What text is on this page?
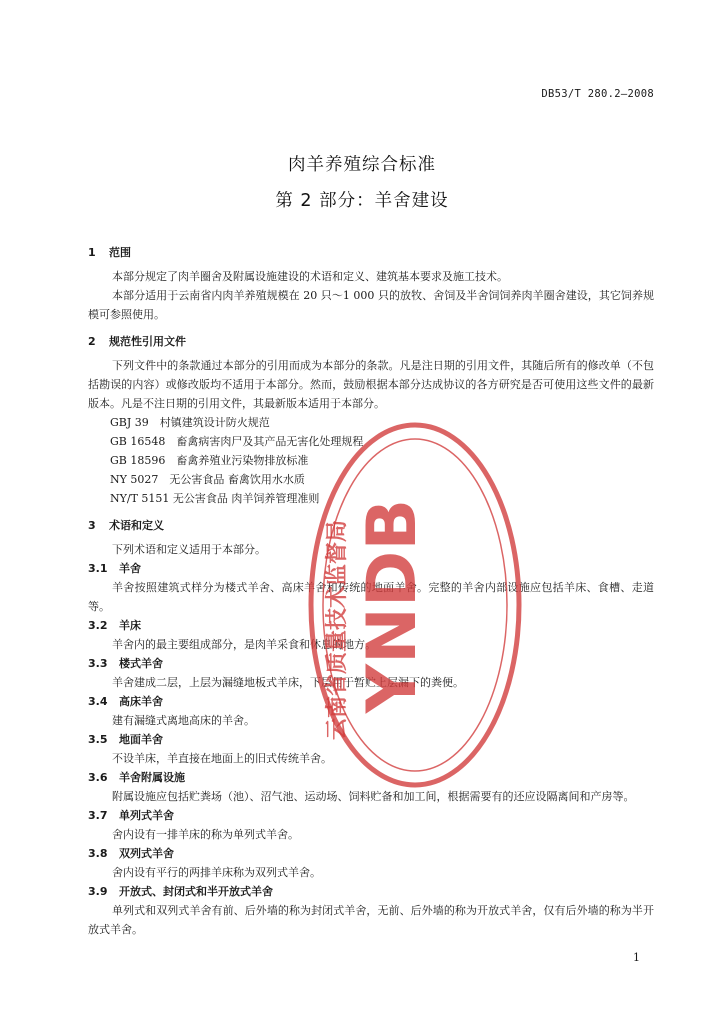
DB53/T 280.2—2008
肉羊养殖综合标准
第 2 部分：羊舍建设
1 范围

本部分规定了肉羊圈舍及附属设施建设的术语和定义、建筑基本要求及施工技术。

本部分适用于云南省内肉羊养殖规模在 20 只～1 000 只的放牧、舍饲及半舍饲饲养肉羊圈舍建设，其它饲养规模可参照使用。

2 规范性引用文件

下列文件中的条款通过本部分的引用而成为本部分的条款。凡是注日期的引用文件，其随后所有的修改单（不包括勘误的内容）或修改版均不适用于本部分。然而，鼓励根据本部分达成协议的各方研究是否可使用这些文件的最新版本。凡是不注日期的引用文件，其最新版本适用于本部分。

GBJ 39　村镇建筑设计防火规范

GB 16548　畜禽病害肉尸及其产品无害化处理规程

GB 18596　畜禽养殖业污染物排放标准

NY 5027　无公害食品 畜禽饮用水水质

NY/T 5151 无公害食品 肉羊饲养管理准则

3 术语和定义

下列术语和定义适用于本部分。

3.1 羊舍

羊舍按照建筑式样分为楼式羊舍、高床羊舍和传统的地面羊舍。完整的羊舍内部设施应包括羊床、食槽、走道等。

3.2 羊床

羊舍内的最主要组成部分，是肉羊采食和休息的地方。

3.3 楼式羊舍

羊舍建成二层，上层为漏缝地板式羊床，下层用于暂贮上层漏下的粪便。

3.4 高床羊舍

建有漏缝式离地高床的羊舍。

3.5 地面羊舍

不设羊床，羊直接在地面上的旧式传统羊舍。

3.6 羊舍附属设施

附属设施应包括贮粪场（池）、沼气池、运动场、饲料贮备和加工间，根据需要有的还应设隔离间和产房等。

3.7 单列式羊舍

舍内设有一排羊床的称为单列式羊舍。

3.8 双列式羊舍

舍内设有平行的两排羊床称为双列式羊舍。

3.9 开放式、封闭式和半开放式羊舍

单列式和双列式羊舍有前、后外墙的称为封闭式羊舍，无前、后外墙的称为开放式羊舍，仅有后外墙的称为半开放式羊舍。

YNDB
云南省质量技术监督局
1
